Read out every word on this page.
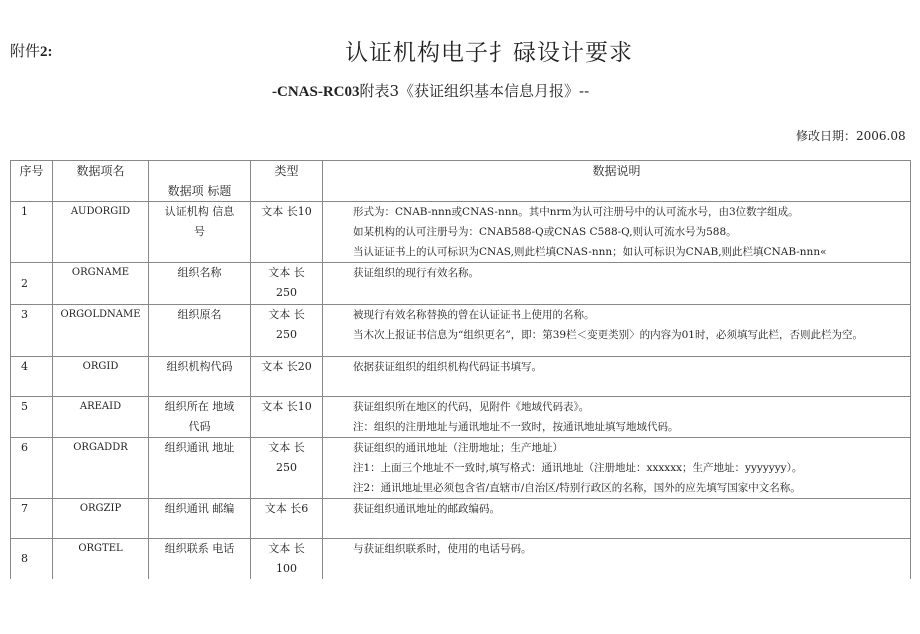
附件2:	认证机构电子扌碌设计要求
-CNAS-RC03附表3《获证组织基本信息月报》--
修改日期：2006.08
序号	数据项名	数据项 标题	类型	数据说明
1	AUDORGID	认证机构 信息号	文本 长10	形式为：CNAB-nnn或CNAS-nnn。其中nrm为认可注册号中的认可流水号，由3位数字组成。
如某机构的认可注册号为：CNAB588-Q或CNAS C588-Q,则认可流水号为588。
当认证证书上的认可标识为CNAS,则此栏填CNAS-nnn；如认可标识为CNAB,则此栏填CNAB-nnn«

2	ORGNAME	组织名称	文本 长250	获证组织的现行有效名称。

3	ORGOLDNAME	组织原名	文本 长250	被现行有效名称替换的曾在认证证书上使用的名称。
当木次上报证书信息为“组织更名”，即：第39栏＜变更类别〉的内容为01时，必须填写此栏，否则此栏为空。

4	ORGID	组织机构代码	文本 长20	依据获证组织的组织机构代码证书填写。

5	AREAID	组织所在 地域代码	文本 长10	获证组织所在地区的代码，见附件《地域代码表》。
注：组织的注册地址与通讯地址不一致时，按通讯地址填写地域代码。

6	ORGADDR	组织通讯 地址	文本 长250	获证组织的通讯地址（注册地址；生产地址）
注1：上面三个地址不一致时,填写格式：通讯地址（注册地址：xxxxxx；生产地址：yyyyyyy）。
注2：通讯地址里必须包含省/直辖市/自治区/特别行政区的名称，国外的应先填写国家中文名称。

7	ORGZIP	组织通讯 邮编	文本 长6	获证组织通讯地址的邮政编码。

8	ORGTEL	组织联系 电话	文本 长100	与获证组织联系时，使用的电话号码。
